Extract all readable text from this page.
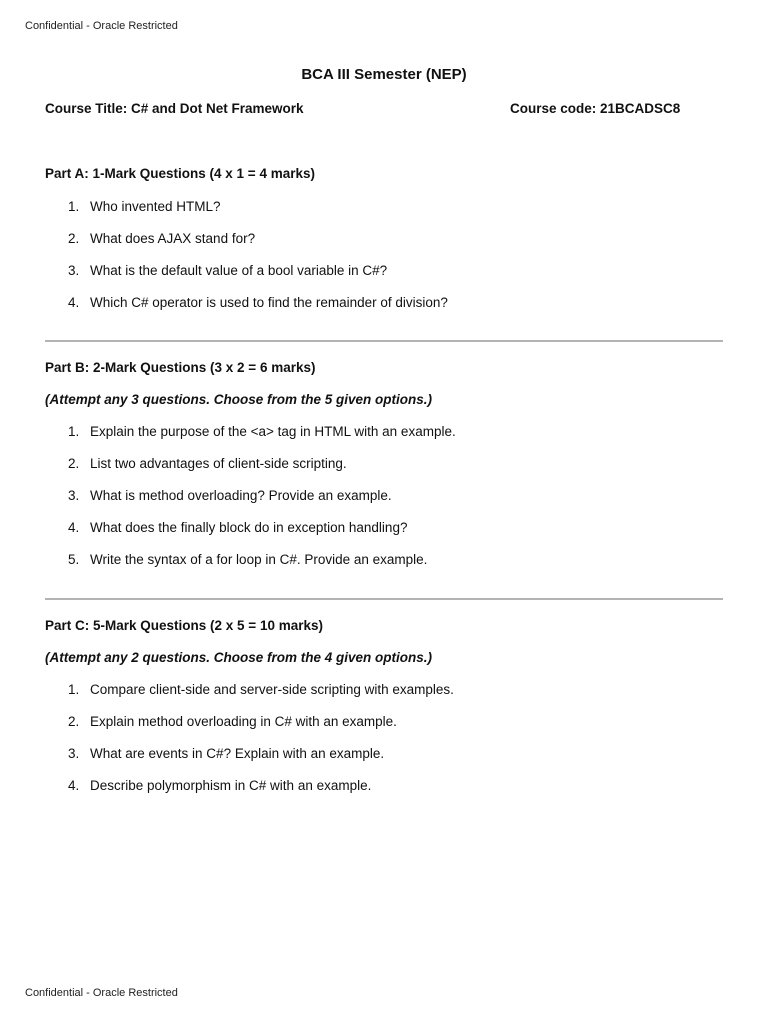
Confidential - Oracle Restricted
BCA III Semester (NEP)
Course Title: C# and Dot Net Framework	Course code: 21BCADSC8
Part A: 1-Mark Questions (4 x 1 = 4 marks)
1. Who invented HTML?
2. What does AJAX stand for?
3. What is the default value of a bool variable in C#?
4. Which C# operator is used to find the remainder of division?
Part B: 2-Mark Questions (3 x 2 = 6 marks)
(Attempt any 3 questions. Choose from the 5 given options.)
1. Explain the purpose of the <a> tag in HTML with an example.
2. List two advantages of client-side scripting.
3. What is method overloading? Provide an example.
4. What does the finally block do in exception handling?
5. Write the syntax of a for loop in C#. Provide an example.
Part C: 5-Mark Questions (2 x 5 = 10 marks)
(Attempt any 2 questions. Choose from the 4 given options.)
1. Compare client-side and server-side scripting with examples.
2. Explain method overloading in C# with an example.
3. What are events in C#? Explain with an example.
4. Describe polymorphism in C# with an example.
Confidential - Oracle Restricted
